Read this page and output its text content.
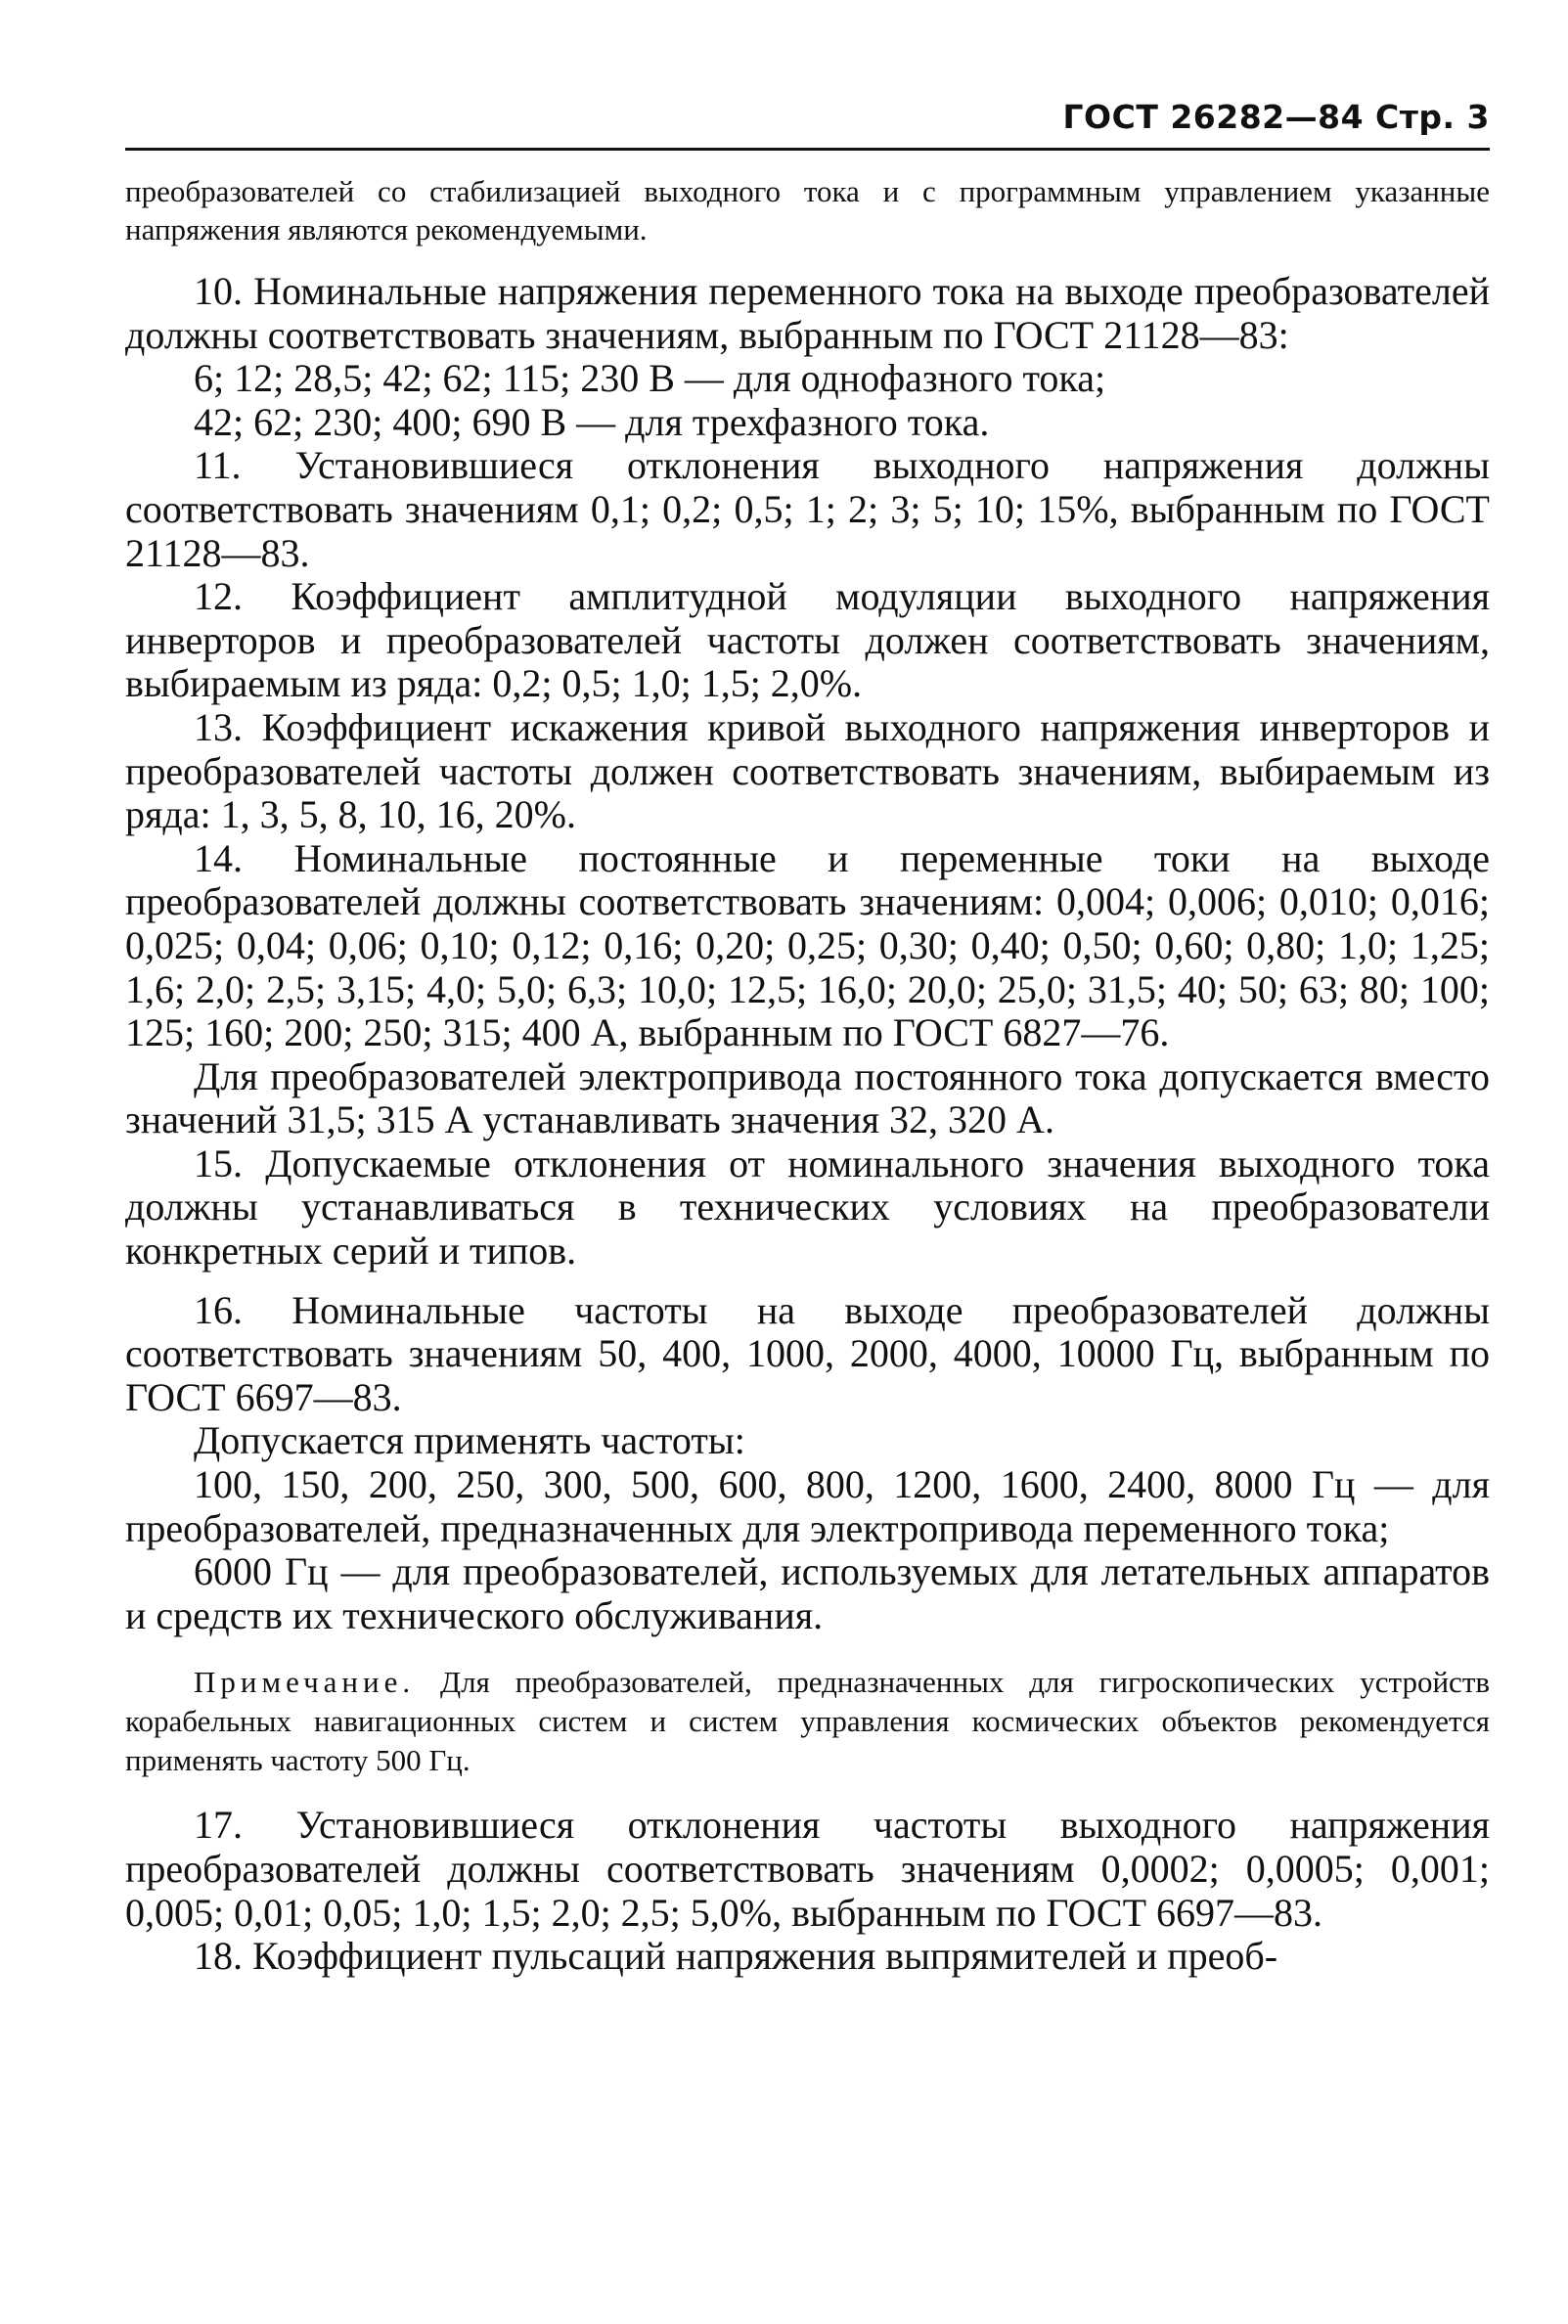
ГОСТ 26282—84 Стр. 3

преобразователей со стабилизацией выходного тока и с программным управлением указанные напряжения являются рекомендуемыми.

10. Номинальные напряжения переменного тока на выходе преобразователей должны соответствовать значениям, выбранным по ГОСТ 21128—83:

6; 12; 28,5; 42; 62; 115; 230 В — для однофазного тока;

42; 62; 230; 400; 690 В — для трехфазного тока.

11. Установившиеся отклонения выходного напряжения должны соответствовать значениям 0,1; 0,2; 0,5; 1; 2; 3; 5; 10; 15%, выбранным по ГОСТ 21128—83.

12. Коэффициент амплитудной модуляции выходного напряжения инверторов и преобразователей частоты должен соответствовать значениям, выбираемым из ряда: 0,2; 0,5; 1,0; 1,5; 2,0%.

13. Коэффициент искажения кривой выходного напряжения инверторов и преобразователей частоты должен соответствовать значениям, выбираемым из ряда: 1, 3, 5, 8, 10, 16, 20%.

14. Номинальные постоянные и переменные токи на выходе преобразователей должны соответствовать значениям: 0,004; 0,006; 0,010; 0,016; 0,025; 0,04; 0,06; 0,10; 0,12; 0,16; 0,20; 0,25; 0,30; 0,40; 0,50; 0,60; 0,80; 1,0; 1,25; 1,6; 2,0; 2,5; 3,15; 4,0; 5,0; 6,3; 10,0; 12,5; 16,0; 20,0; 25,0; 31,5; 40; 50; 63; 80; 100; 125; 160; 200; 250; 315; 400 А, выбранным по ГОСТ 6827—76.

Для преобразователей электропривода постоянного тока допускается вместо значений 31,5; 315 А устанавливать значения 32, 320 А.

15. Допускаемые отклонения от номинального значения выходного тока должны устанавливаться в технических условиях на преобразователи конкретных серий и типов.

16. Номинальные частоты на выходе преобразователей должны соответствовать значениям 50, 400, 1000, 2000, 4000, 10000 Гц, выбранным по ГОСТ 6697—83.

Допускается применять частоты:

100, 150, 200, 250, 300, 500, 600, 800, 1200, 1600, 2400, 8000 Гц — для преобразователей, предназначенных для электропривода переменного тока;

6000 Гц — для преобразователей, используемых для летательных аппаратов и средств их технического обслуживания.

Примечание. Для преобразователей, предназначенных для гигроскопических устройств корабельных навигационных систем и систем управления космических объектов рекомендуется применять частоту 500 Гц.

17. Установившиеся отклонения частоты выходного напряжения преобразователей должны соответствовать значениям 0,0002; 0,0005; 0,001; 0,005; 0,01; 0,05; 1,0; 1,5; 2,0; 2,5; 5,0%, выбранным по ГОСТ 6697—83.

18. Коэффициент пульсаций напряжения выпрямителей и преоб-
